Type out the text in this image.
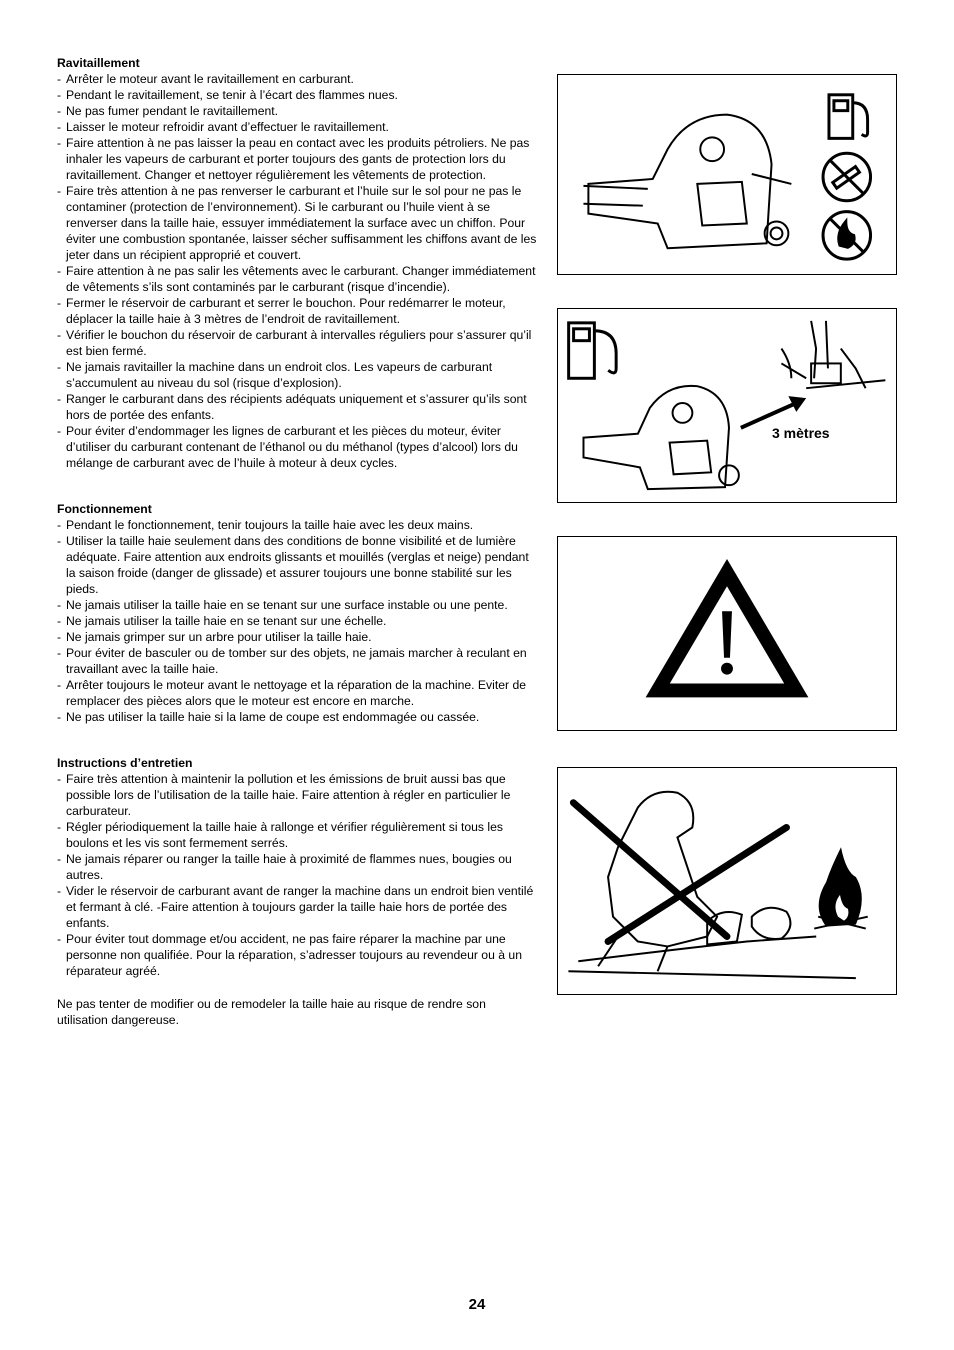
Ravitaillement
- Arrêter le moteur avant le ravitaillement en carburant.
- Pendant le ravitaillement, se tenir à l’écart des flammes nues.
- Ne pas fumer pendant le ravitaillement.
- Laisser le moteur refroidir avant d’effectuer le ravitaillement.
- Faire attention à ne pas laisser la peau en contact avec les produits pétroliers. Ne pas inhaler les vapeurs de carburant et porter toujours des gants de protection lors du ravitaillement. Changer et nettoyer régulièrement les vêtements de protection.
- Faire très attention à ne pas renverser le carburant et l’huile sur le sol pour ne pas le contaminer (protection de l’environnement). Si le carburant ou l’huile vient à se renverser dans la taille haie, essuyer immédiatement la surface avec un chiffon. Pour éviter une combustion spontanée, laisser sécher suffisamment les chiffons avant de les jeter dans un récipient approprié et couvert.
- Faire attention à ne pas salir les vêtements avec le carburant. Changer immédiatement de vêtements s’ils sont contaminés par le carburant (risque d’incendie).
- Fermer le réservoir de carburant et serrer le bouchon. Pour redémarrer le moteur, déplacer la taille haie à 3 mètres de l’endroit de ravitaillement.
- Vérifier le bouchon du réservoir de carburant à intervalles réguliers pour s’assurer qu’il est bien fermé.
- Ne jamais ravitailler la machine dans un endroit clos. Les vapeurs de carburant s’accumulent au niveau du sol (risque d’explosion).
- Ranger le carburant dans des récipients adéquats uniquement et s’assurer qu’ils sont hors de portée des enfants.
- Pour éviter d’endommager les lignes de carburant et les pièces du moteur, éviter d’utiliser du carburant contenant de l’éthanol ou du méthanol (types d’alcool) lors du mélange de carburant avec de l’huile à moteur à deux cycles.
Fonctionnement
- Pendant le fonctionnement, tenir toujours la taille haie avec les deux mains.
- Utiliser la taille haie seulement dans des conditions de bonne visibilité et de lumière adéquate. Faire attention aux endroits glissants et mouillés (verglas et neige) pendant la saison froide (danger de glissade) et assurer toujours une bonne stabilité sur les pieds.
- Ne jamais utiliser la taille haie en se tenant sur une surface instable ou une pente.
- Ne jamais utiliser la taille haie en se tenant sur une échelle.
- Ne jamais grimper sur un arbre pour utiliser la taille haie.
- Pour éviter de basculer ou de tomber sur des objets, ne jamais marcher à reculant en travaillant avec la taille haie.
- Arrêter toujours le moteur avant le nettoyage et la réparation de la machine. Eviter de remplacer des pièces alors que le moteur est encore en marche.
- Ne pas utiliser la taille haie si la lame de coupe est endommagée ou cassée.
Instructions d’entretien
- Faire très attention à maintenir la pollution et les émissions de bruit aussi bas que possible lors de l’utilisation de la taille haie. Faire attention à régler en particulier le carburateur.
- Régler périodiquement la taille haie à rallonge et vérifier régulièrement si tous les boulons et les vis sont fermement serrés.
- Ne jamais réparer ou ranger la taille haie à proximité de flammes nues, bougies ou autres.
- Vider le réservoir de carburant avant de ranger la machine dans un endroit bien ventilé et fermant à clé. -Faire attention à toujours garder la taille haie hors de portée des enfants.
- Pour éviter tout dommage et/ou accident, ne pas faire réparer la machine par une personne non qualifiée. Pour la réparation, s’adresser toujours au revendeur ou à un réparateur agréé.

Ne pas tenter de modifier ou de remodeler la taille haie au risque de rendre son utilisation dangereuse.

3 mètres
24
